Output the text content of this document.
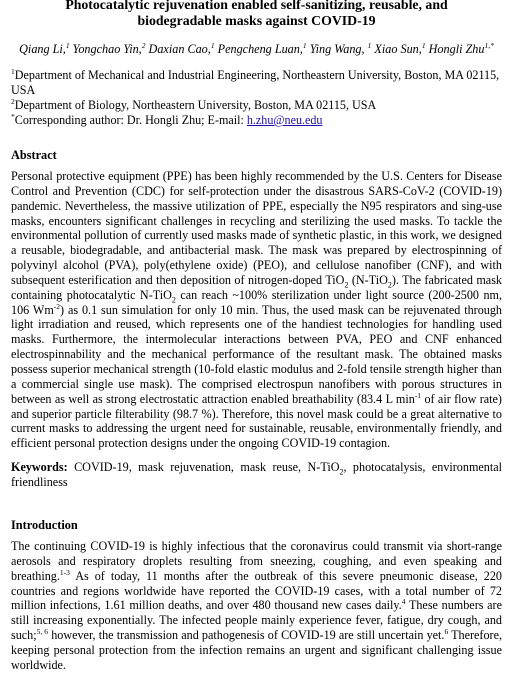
Photocatalytic rejuvenation enabled self-sanitizing, reusable, and
biodegradable masks against COVID-19
Qiang Li,$^1$ Yongchao Yin,$^2$ Daxian Cao,$^1$ Pengcheng Luan,$^1$ Ying Wang, $^1$ Xiao Sun,$^1$ Hongli Zhu$^{1,*}$
$^1$Department of Mechanical and Industrial Engineering, Northeastern University, Boston, MA 02115, USA
$^2$Department of Biology, Northeastern University, Boston, MA 02115, USA
*Corresponding author: Dr. Hongli Zhu; E-mail: h.zhu@neu.edu
Abstract

Personal protective equipment (PPE) has been highly recommended by the U.S. Centers for Disease Control and Prevention (CDC) for self-protection under the disastrous SARS-CoV-2 (COVID-19) pandemic. Nevertheless, the massive utilization of PPE, especially the N95 respirators and sing-use masks, encounters significant challenges in recycling and sterilizing the used masks. To tackle the environmental pollution of currently used masks made of synthetic plastic, in this work, we designed a reusable, biodegradable, and antibacterial mask. The mask was prepared by electrospinning of polyvinyl alcohol (PVA), poly(ethylene oxide) (PEO), and cellulose nanofiber (CNF), and with subsequent esterification and then deposition of nitrogen-doped TiO$_2$ (N-TiO$_2$). The fabricated mask containing photocatalytic N-TiO$_2$ can reach ~100% sterilization under light source (200-2500 nm, 106 $Wm^{-2}$) as 0.1 sun simulation for only 10 min. Thus, the used mask can be rejuvenated through light irradiation and reused, which represents one of the handiest technologies for handling used masks. Furthermore, the intermolecular interactions between PVA, PEO and CNF enhanced electrospinnability and the mechanical performance of the resultant mask. The obtained masks possess superior mechanical strength (10-fold elastic modulus and 2-fold tensile strength higher than a commercial single use mask). The comprised electrospun nanofibers with porous structures in between as well as strong electrostatic attraction enabled breathability (83.4 L $\min^{-1}$ of air flow rate) and superior particle filterability (98.7 %). Therefore, this novel mask could be a great alternative to current masks to addressing the urgent need for sustainable, reusable, environmentally friendly, and efficient personal protection designs under the ongoing COVID-19 contagion.

Keywords: COVID-19, mask rejuvenation, mask reuse, N-TiO$_2$, photocatalysis, environmental friendliness
Introduction

The continuing COVID-19 is highly infectious that the coronavirus could transmit via short-range aerosols and respiratory droplets resulting from sneezing, coughing, and even speaking and breathing.$^{1-3}$ As of today, 11 months after the outbreak of this severe pneumonic disease, 220 countries and regions worldwide have reported the COVID-19 cases, with a total number of 72 million infections, 1.61 million deaths, and over 480 thousand new cases daily.$^4$ These numbers are still increasing exponentially. The infected people mainly experience fever, fatigue, dry cough, and such;$^{5, 6}$ however, the transmission and pathogenesis of COVID-19 are still uncertain yet.$^6$ Therefore, keeping personal protection from the infection remains an urgent and significant challenging issue worldwide.
